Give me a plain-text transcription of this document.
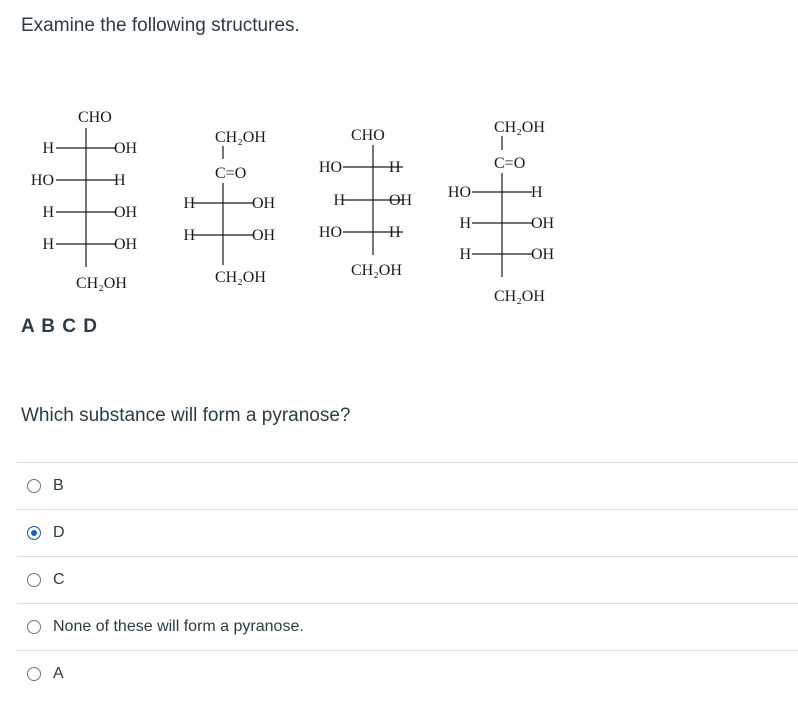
Examine the following structures.

CHO
H	OH
HO	H
H	OH
H	OH
CH₂OH
CH₂OH
C=O
H	OH
H	OH
CH₂OH
CHO
HO	H
H	OH
HO	H
CH₂OH
CH₂OH
C=O
HO	H
H	OH
H	OH
CH₂OH

A B C D

Which substance will form a pyranose?

B
D
C
None of these will form a pyranose.
A
